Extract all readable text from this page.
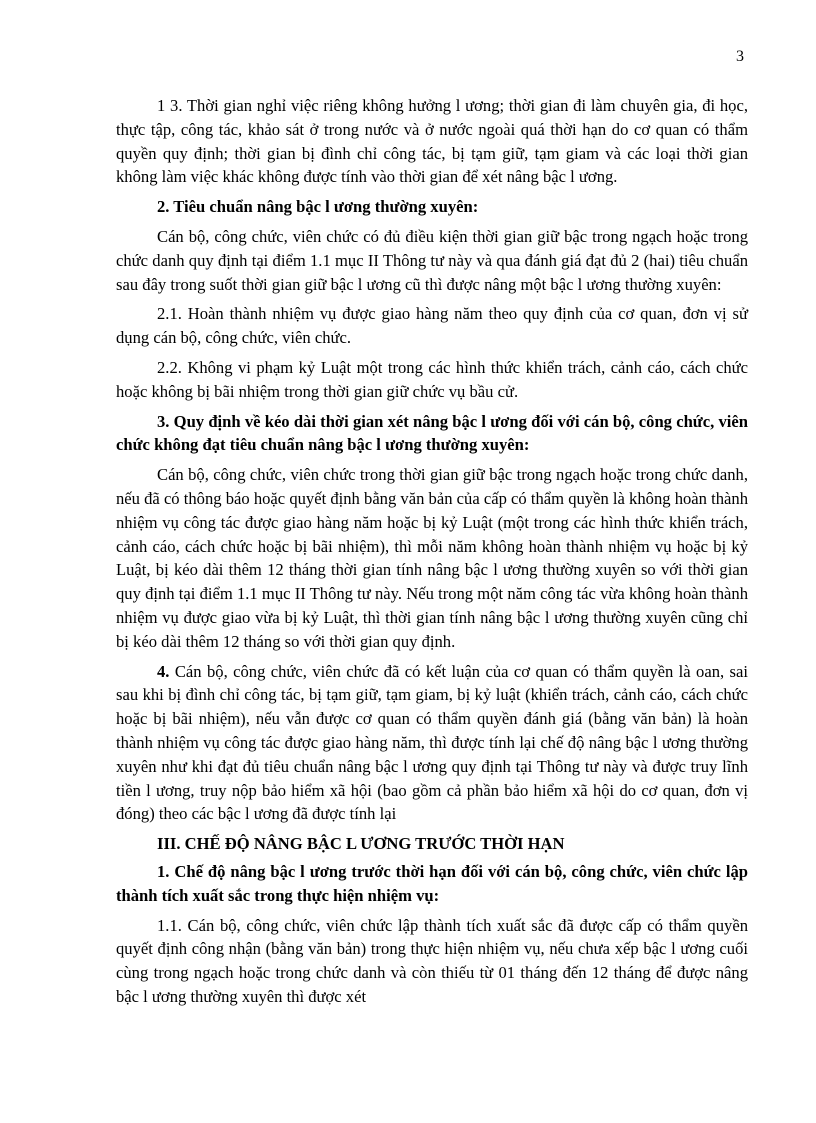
3

1 3. Thời gian nghỉ việc riêng không hưởng l ương; thời gian đi làm chuyên gia, đi học, thực tập, công tác, khảo sát ở trong nước và ở nước ngoài quá thời hạn do cơ quan có thẩm quyền quy định; thời gian bị đình chỉ công tác, bị tạm giữ, tạm giam và các loại thời gian không làm việc khác không được tính vào thời gian để xét nâng bậc l ương.

2. Tiêu chuẩn nâng bậc l ương thường xuyên:

Cán bộ, công chức, viên chức có đủ điều kiện thời gian giữ bậc trong ngạch hoặc trong chức danh quy định tại điểm 1.1 mục II Thông tư này và qua đánh giá đạt đủ 2 (hai) tiêu chuẩn sau đây trong suốt thời gian giữ bậc l ương cũ thì được nâng một bậc l ương thường xuyên:

2.1. Hoàn thành nhiệm vụ được giao hàng năm theo quy định của cơ quan, đơn vị sử dụng cán bộ, công chức, viên chức.

2.2. Không vi phạm kỷ Luật một trong các hình thức khiển trách, cảnh cáo, cách chức hoặc không bị bãi nhiệm trong thời gian giữ chức vụ bầu cử.

3. Quy định về kéo dài thời gian xét nâng bậc l ương đối với cán bộ, công chức, viên chức không đạt tiêu chuẩn nâng bậc l ương thường xuyên:

Cán bộ, công chức, viên chức trong thời gian giữ bậc trong ngạch hoặc trong chức danh, nếu đã có thông báo hoặc quyết định bằng văn bản của cấp có thẩm quyền là không hoàn thành nhiệm vụ công tác được giao hàng năm hoặc bị kỷ Luật (một trong các hình thức khiển trách, cảnh cáo, cách chức hoặc bị bãi nhiệm), thì mỗi năm không hoàn thành nhiệm vụ hoặc bị kỷ Luật, bị kéo dài thêm 12 tháng thời gian tính nâng bậc l ương thường xuyên so với thời gian quy định tại điểm 1.1 mục II Thông tư này. Nếu trong một năm công tác vừa không hoàn thành nhiệm vụ được giao vừa bị kỷ Luật, thì thời gian tính nâng bậc l ương thường xuyên cũng chỉ bị kéo dài thêm 12 tháng so với thời gian quy định.

4. Cán bộ, công chức, viên chức đã có kết luận của cơ quan có thẩm quyền là oan, sai sau khi bị đình chỉ công tác, bị tạm giữ, tạm giam, bị kỷ luật (khiển trách, cảnh cáo, cách chức hoặc bị bãi nhiệm), nếu vẫn được cơ quan có thẩm quyền đánh giá (bằng văn bản) là hoàn thành nhiệm vụ công tác được giao hàng năm, thì được tính lại chế độ nâng bậc l ương thường xuyên như khi đạt đủ tiêu chuẩn nâng bậc l ương quy định tại Thông tư này và được truy lĩnh tiền l ương, truy nộp bảo hiểm xã hội (bao gồm cả phần bảo hiểm xã hội do cơ quan, đơn vị đóng) theo các bậc l ương đã được tính lại

III. CHẾ ĐỘ NÂNG BẬC L ƯƠNG TRƯỚC THỜI HẠN

1. Chế độ nâng bậc l ương trước thời hạn đối với cán bộ, công chức, viên chức lập thành tích xuất sắc trong thực hiện nhiệm vụ:

1.1. Cán bộ, công chức, viên chức lập thành tích xuất sắc đã được cấp có thẩm quyền quyết định công nhận (bằng văn bản) trong thực hiện nhiệm vụ, nếu chưa xếp bậc l ương cuối cùng trong ngạch hoặc trong chức danh và còn thiếu từ 01 tháng đến 12 tháng để được nâng bậc l ương thường xuyên thì được xét
